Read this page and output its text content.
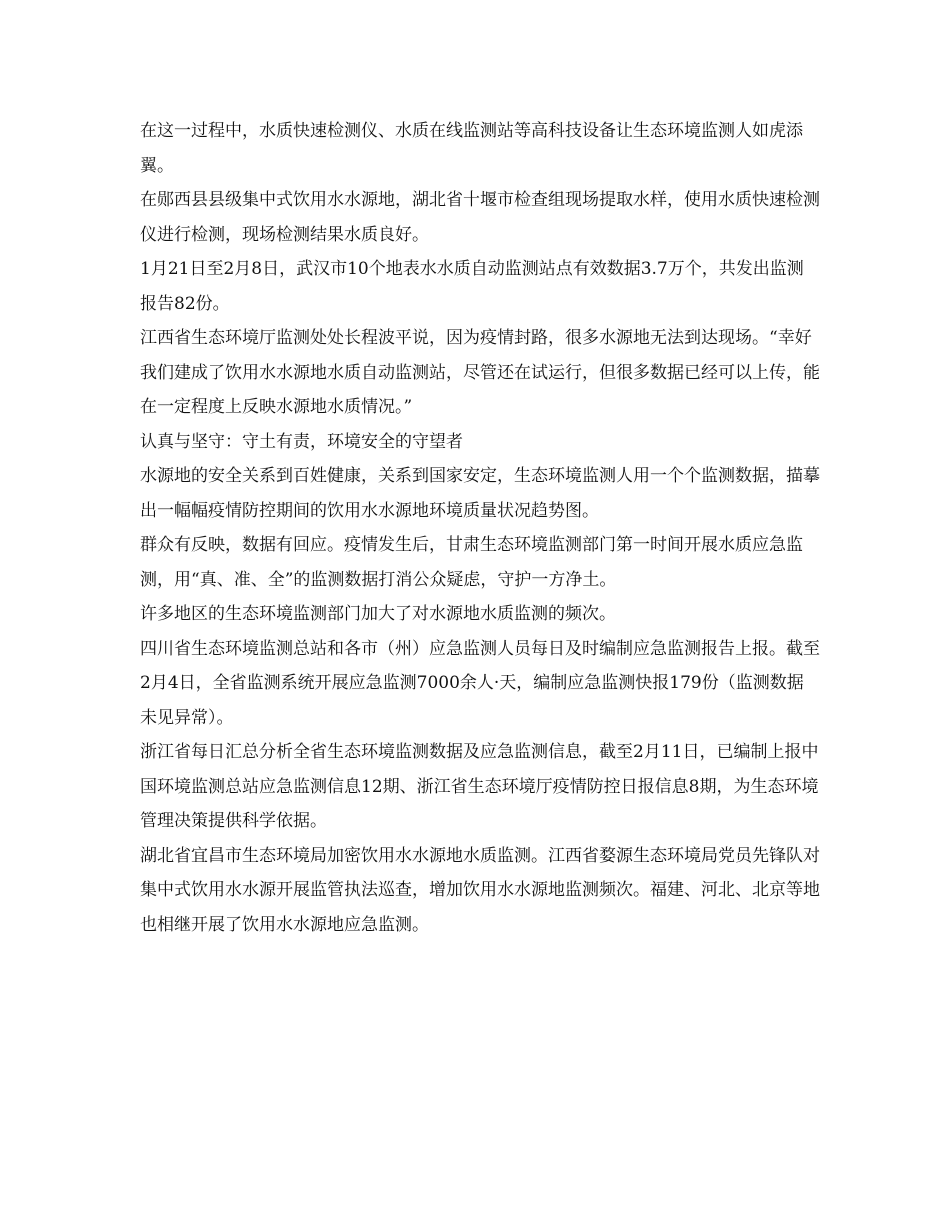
在这一过程中，水质快速检测仪、水质在线监测站等高科技设备让生态环境监测人如虎添翼。

在郧西县县级集中式饮用水水源地，湖北省十堰市检查组现场提取水样，使用水质快速检测仪进行检测，现场检测结果水质良好。

1月21日至2月8日，武汉市10个地表水水质自动监测站点有效数据3.7万个，共发出监测报告82份。

江西省生态环境厅监测处处长程波平说，因为疫情封路，很多水源地无法到达现场。“幸好我们建成了饮用水水源地水质自动监测站，尽管还在试运行，但很多数据已经可以上传，能在一定程度上反映水源地水质情况。”

认真与坚守：守土有责，环境安全的守望者

水源地的安全关系到百姓健康，关系到国家安定，生态环境监测人用一个个监测数据，描摹出一幅幅疫情防控期间的饮用水水源地环境质量状况趋势图。

群众有反映，数据有回应。疫情发生后，甘肃生态环境监测部门第一时间开展水质应急监测，用“真、准、全”的监测数据打消公众疑虑，守护一方净土。

许多地区的生态环境监测部门加大了对水源地水质监测的频次。

四川省生态环境监测总站和各市（州）应急监测人员每日及时编制应急监测报告上报。截至2月4日，全省监测系统开展应急监测7000余人·天，编制应急监测快报179份（监测数据未见异常）。

浙江省每日汇总分析全省生态环境监测数据及应急监测信息，截至2月11日，已编制上报中国环境监测总站应急监测信息12期、浙江省生态环境厅疫情防控日报信息8期，为生态环境管理决策提供科学依据。

湖北省宜昌市生态环境局加密饮用水水源地水质监测。江西省婺源生态环境局党员先锋队对集中式饮用水水源开展监管执法巡查，增加饮用水水源地监测频次。福建、河北、北京等地也相继开展了饮用水水源地应急监测。
